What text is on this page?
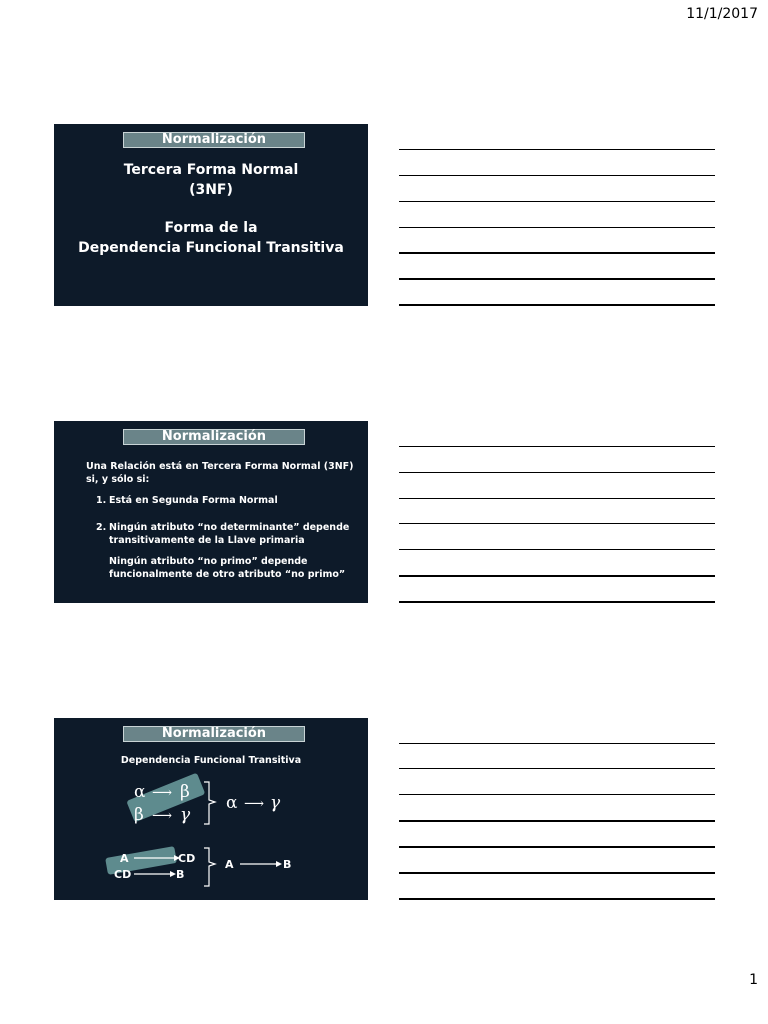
11/1/2017
Normalización
Tercera Forma Normal
(3NF)
Forma de la
Dependencia Funcional Transitiva
Normalización
Una Relación está en Tercera Forma Normal (3NF)
si, y sólo si:
1. Está en Segunda Forma Normal
2. Ningún atributo “no determinante” depende
transitivamente de la Llave primaria
Ningún atributo “no primo” depende
funcionalmente de otro atributo “no primo”
Normalización
Dependencia Funcional Transitiva
α ⟶ β
β ⟶ γ
α ⟶ γ
A	CD
CD	B
A	B
1
